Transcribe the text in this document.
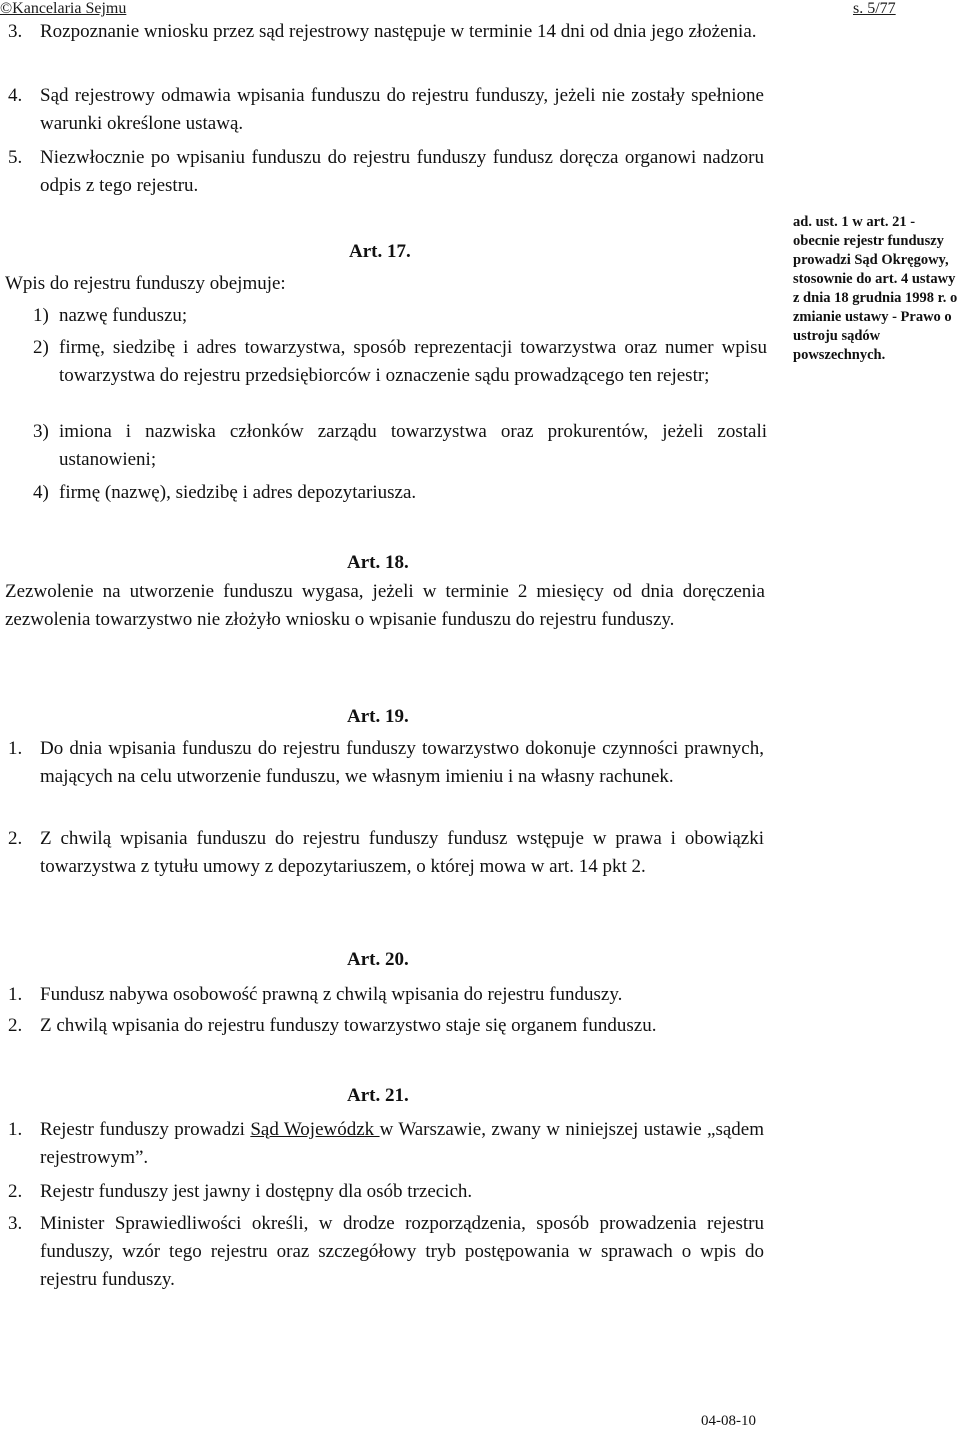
©Kancelaria Sejmu	s. 5/77
3. Rozpoznanie wniosku przez sąd rejestrowy następuje w terminie 14 dni od dnia jego złożenia.
4. Sąd rejestrowy odmawia wpisania funduszu do rejestru funduszy, jeżeli nie zostały spełnione warunki określone ustawą.
5. Niezwłocznie po wpisaniu funduszu do rejestru funduszy fundusz doręcza organowi nadzoru odpis z tego rejestru.
Art. 17.
Wpis do rejestru funduszy obejmuje:
1) nazwę funduszu;
2) firmę, siedzibę i adres towarzystwa, sposób reprezentacji towarzystwa oraz numer wpisu towarzystwa do rejestru przedsiębiorców i oznaczenie sądu prowadzącego ten rejestr;
3) imiona i nazwiska członków zarządu towarzystwa oraz prokurentów, jeżeli zostali ustanowieni;
4) firmę (nazwę), siedzibę i adres depozytariusza.
ad. ust. 1 w art. 21 - obecnie rejestr funduszy prowadzi Sąd Okręgowy, stosownie do art. 4 ustawy z dnia 18 grudnia 1998 r. o zmianie ustawy - Prawo o ustroju sądów powszechnych.
Art. 18.
Zezwolenie na utworzenie funduszu wygasa, jeżeli w terminie 2 miesięcy od dnia doręczenia zezwolenia towarzystwo nie złożyło wniosku o wpisanie funduszu do rejestru funduszy.
Art. 19.
1. Do dnia wpisania funduszu do rejestru funduszy towarzystwo dokonuje czynności prawnych, mających na celu utworzenie funduszu, we własnym imieniu i na własny rachunek.
2. Z chwilą wpisania funduszu do rejestru funduszy fundusz wstępuje w prawa i obowiązki towarzystwa z tytułu umowy z depozytariuszem, o której mowa w art. 14 pkt 2.
Art. 20.
1. Fundusz nabywa osobowość prawną z chwilą wpisania do rejestru funduszy.
2. Z chwilą wpisania do rejestru funduszy towarzystwo staje się organem funduszu.
Art. 21.
1. Rejestr funduszy prowadzi Sąd Wojewódzk w Warszawie, zwany w niniejszej ustawie „sądem rejestrowym”.
2. Rejestr funduszy jest jawny i dostępny dla osób trzecich.
3. Minister Sprawiedliwości określi, w drodze rozporządzenia, sposób prowadzenia rejestru funduszy, wzór tego rejestru oraz szczegółowy tryb postępowania w sprawach o wpis do rejestru funduszy.
04-08-10
